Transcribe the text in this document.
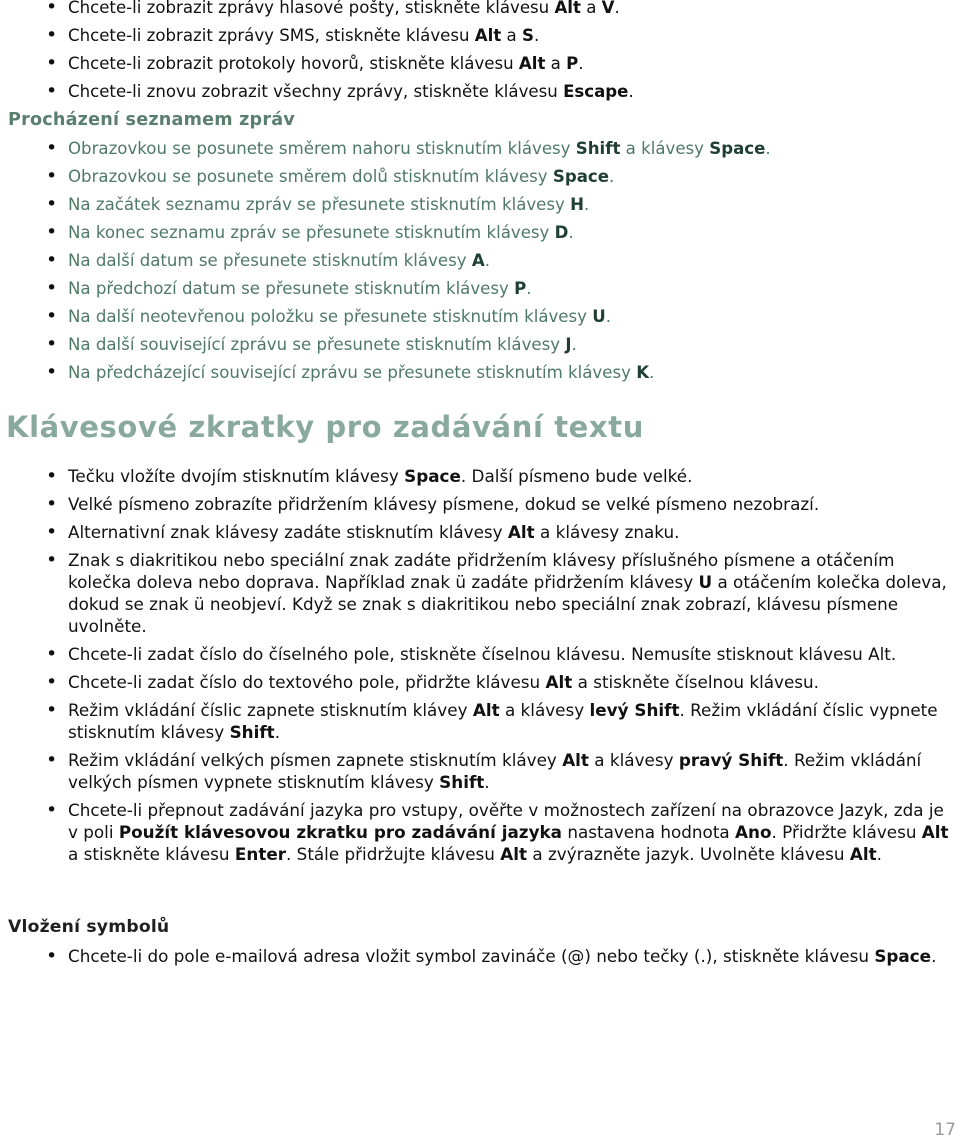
• Chcete-li zobrazit zprávy hlasové pošty, stiskněte klávesu Alt a V.
• Chcete-li zobrazit zprávy SMS, stiskněte klávesu Alt a S.
• Chcete-li zobrazit protokoly hovorů, stiskněte klávesu Alt a P.
• Chcete-li znovu zobrazit všechny zprávy, stiskněte klávesu Escape.
Procházení seznamem zpráv
• Obrazovkou se posunete směrem nahoru stisknutím klávesy Shift a klávesy Space.
• Obrazovkou se posunete směrem dolů stisknutím klávesy Space.
• Na začátek seznamu zpráv se přesunete stisknutím klávesy H.
• Na konec seznamu zpráv se přesunete stisknutím klávesy D.
• Na další datum se přesunete stisknutím klávesy A.
• Na předchozí datum se přesunete stisknutím klávesy P.
• Na další neotevřenou položku se přesunete stisknutím klávesy U.
• Na další související zprávu se přesunete stisknutím klávesy J.
• Na předcházející související zprávu se přesunete stisknutím klávesy K.
Klávesové zkratky pro zadávání textu
• Tečku vložíte dvojím stisknutím klávesy Space. Další písmeno bude velké.
• Velké písmeno zobrazíte přidržením klávesy písmene, dokud se velké písmeno nezobrazí.
• Alternativní znak klávesy zadáte stisknutím klávesy Alt a klávesy znaku.
• Znak s diakritikou nebo speciální znak zadáte přidržením klávesy příslušného písmene a otáčením kolečka doleva nebo doprava. Například znak ü zadáte přidržením klávesy U a otáčením kolečka doleva, dokud se znak ü neobjeví. Když se znak s diakritikou nebo speciální znak zobrazí, klávesu písmene uvolněte.
• Chcete-li zadat číslo do číselného pole, stiskněte číselnou klávesu. Nemusíte stisknout klávesu Alt.
• Chcete-li zadat číslo do textového pole, přidržte klávesu Alt a stiskněte číselnou klávesu.
• Režim vkládání číslic zapnete stisknutím klávey Alt a klávesy levý Shift. Režim vkládání číslic vypnete stisknutím klávesy Shift.
• Režim vkládání velkých písmen zapnete stisknutím klávey Alt a klávesy pravý Shift. Režim vkládání velkých písmen vypnete stisknutím klávesy Shift.
• Chcete-li přepnout zadávání jazyka pro vstupy, ověřte v možnostech zařízení na obrazovce Jazyk, zda je v poli Použít klávesovou zkratku pro zadávání jazyka nastavena hodnota Ano. Přidržte klávesu Alt a stiskněte klávesu Enter. Stále přidržujte klávesu Alt a zvýrazněte jazyk. Uvolněte klávesu Alt.
Vložení symbolů
• Chcete-li do pole e-mailová adresa vložit symbol zavináče (@) nebo tečky (.), stiskněte klávesu Space.
17
